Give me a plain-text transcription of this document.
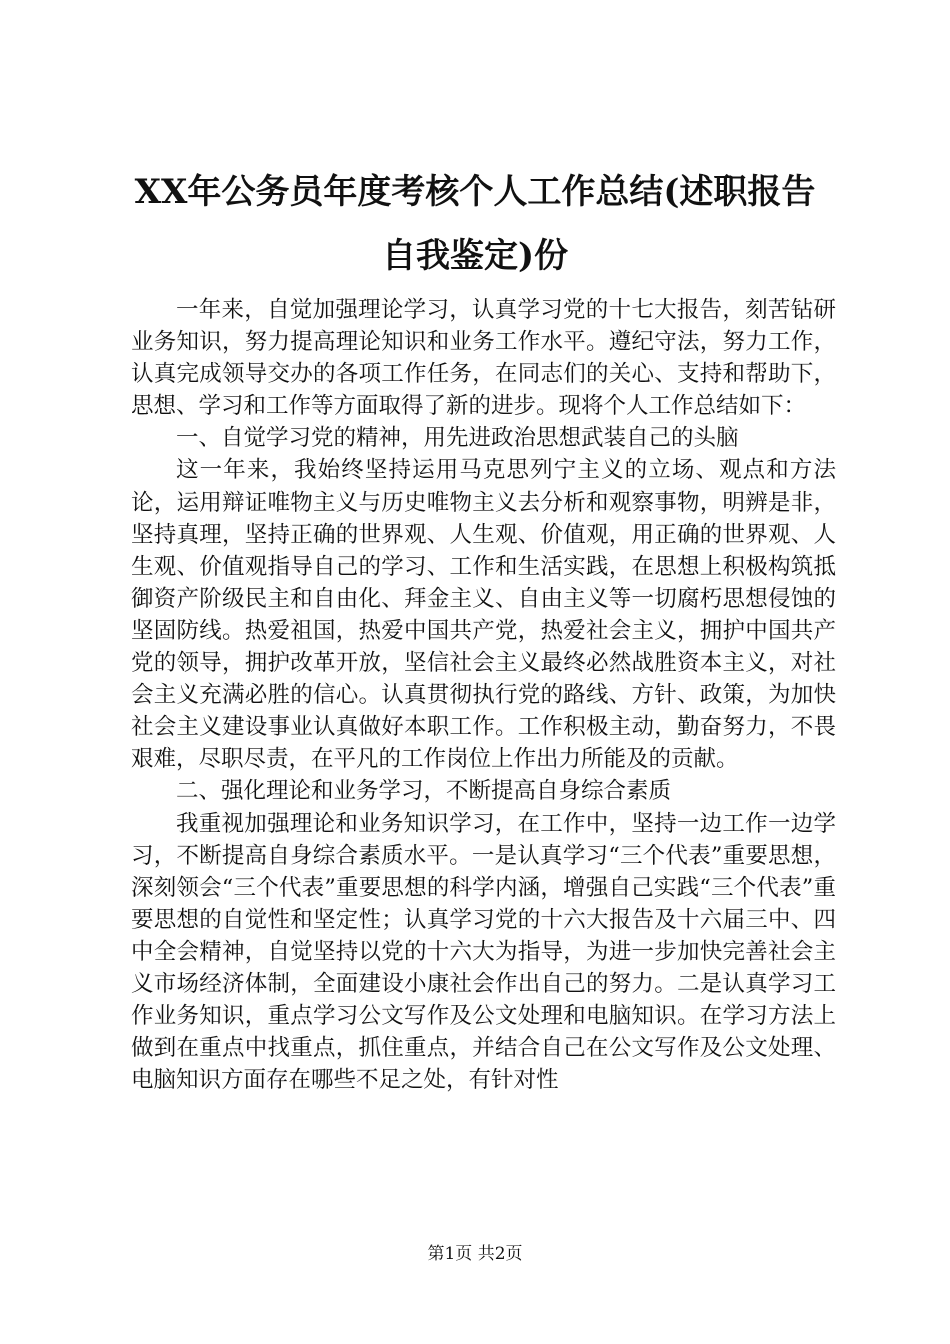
XX年公务员年度考核个人工作总结(述职报告
自我鉴定)份

一年来，自觉加强理论学习，认真学习党的十七大报告，刻苦钻研业务知识，努力提高理论知识和业务工作水平。遵纪守法，努力工作，认真完成领导交办的各项工作任务，在同志们的关心、支持和帮助下，思想、学习和工作等方面取得了新的进步。现将个人工作总结如下：

一、自觉学习党的精神，用先进政治思想武装自己的头脑

这一年来，我始终坚持运用马克思列宁主义的立场、观点和方法论，运用辩证唯物主义与历史唯物主义去分析和观察事物，明辨是非，坚持真理，坚持正确的世界观、人生观、价值观，用正确的世界观、人生观、价值观指导自己的学习、工作和生活实践，在思想上积极构筑抵御资产阶级民主和自由化、拜金主义、自由主义等一切腐朽思想侵蚀的坚固防线。热爱祖国，热爱中国共产党，热爱社会主义，拥护中国共产党的领导，拥护改革开放，坚信社会主义最终必然战胜资本主义，对社会主义充满必胜的信心。认真贯彻执行党的路线、方针、政策，为加快社会主义建设事业认真做好本职工作。工作积极主动，勤奋努力，不畏艰难，尽职尽责，在平凡的工作岗位上作出力所能及的贡献。

二、强化理论和业务学习，不断提高自身综合素质

我重视加强理论和业务知识学习，在工作中，坚持一边工作一边学习，不断提高自身综合素质水平。一是认真学习“三个代表”重要思想，深刻领会“三个代表”重要思想的科学内涵，增强自己实践“三个代表”重要思想的自觉性和坚定性；认真学习党的十六大报告及十六届三中、四中全会精神，自觉坚持以党的十六大为指导，为进一步加快完善社会主义市场经济体制，全面建设小康社会作出自己的努力。二是认真学习工作业务知识，重点学习公文写作及公文处理和电脑知识。在学习方法上做到在重点中找重点，抓住重点，并结合自己在公文写作及公文处理、电脑知识方面存在哪些不足之处，有针对性

第1页 共2页
